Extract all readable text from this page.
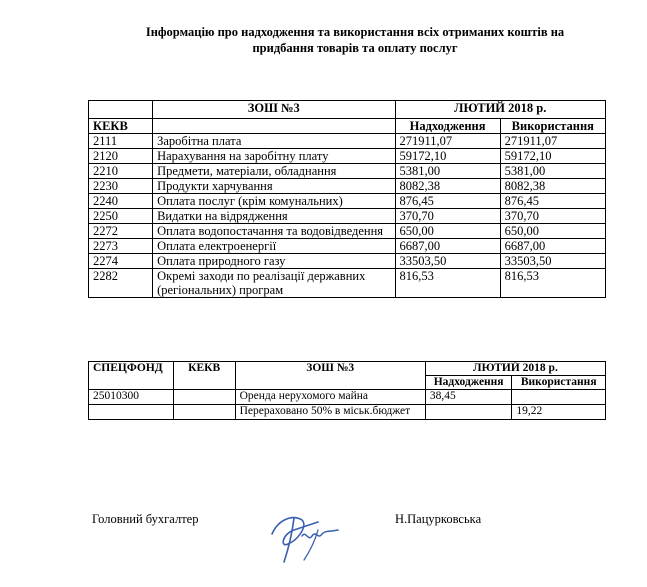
Інформацію про надходження та використання всіх отриманих коштів на придбання товарів та оплату послуг
	ЗОШ №3	ЛЮТИЙ 2018 р.	
КЕКВ		Надходження	Використання
2111	Заробітна плата	271911,07	271911,07
2120	Нарахування на заробітну плату	59172,10	59172,10
2210	Предмети, матеріали, обладнання	5381,00	5381,00
2230	Продукти харчування	8082,38	8082,38
2240	Оплата послуг (крім комунальних)	876,45	876,45
2250	Видатки на відрядження	370,70	370,70
2272	Оплата водопостачання та водовідведення	650,00	650,00
2273	Оплата електроенергії	6687,00	6687,00
2274	Оплата природного газу	33503,50	33503,50
2282	Окремі заходи по реалізації державних (регіональних) програм	816,53	816,53
СПЕЦФОНД	КЕКВ	ЗОШ №3	ЛЮТИЙ 2018 р.	
			Надходження	Використання
25010300		Оренда нерухомого майна	38,45	
		Перераховано 50% в міськ.бюджет		19,22
Головний бухгалтер	Н.Пацурковська
